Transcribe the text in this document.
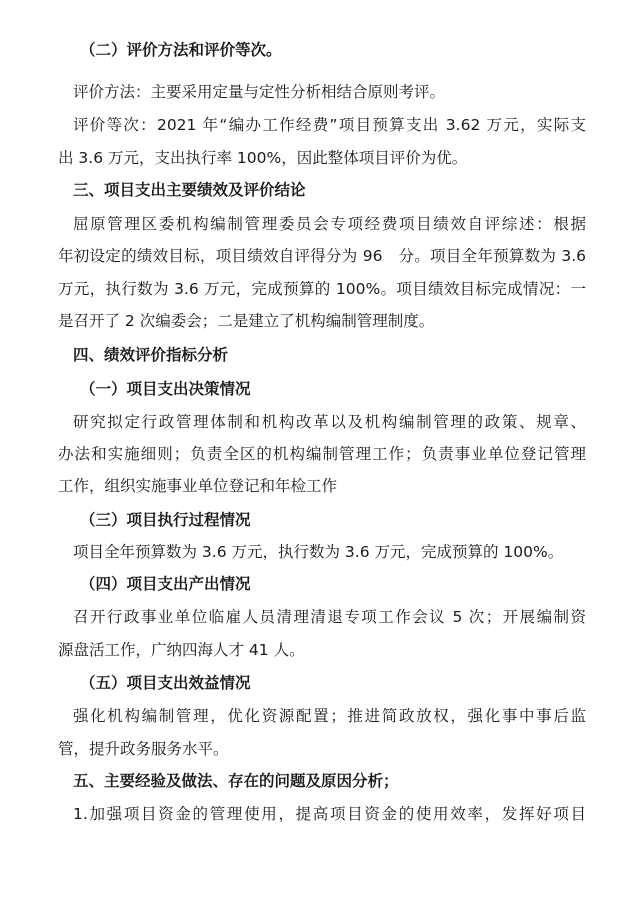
（二）评价方法和评价等次。
评价方法：主要采用定量与定性分析相结合原则考评。
评价等次：2021 年“编办工作经费”项目预算支出 3.62 万元，实际支
出 3.6 万元，支出执行率 100%，因此整体项目评价为优。
三、项目支出主要绩效及评价结论
屈原管理区委机构编制管理委员会专项经费项目绩效自评综述：根据
年初设定的绩效目标，项目绩效自评得分为 96　分。项目全年预算数为 3.6
万元，执行数为 3.6 万元，完成预算的 100%。项目绩效目标完成情况：一
是召开了 2 次编委会；二是建立了机构编制管理制度。
四、绩效评价指标分析
（一）项目支出决策情况
研究拟定行政管理体制和机构改革以及机构编制管理的政策、规章、
办法和实施细则；负责全区的机构编制管理工作；负责事业单位登记管理
工作，组织实施事业单位登记和年检工作
（三）项目执行过程情况
项目全年预算数为 3.6 万元，执行数为 3.6 万元，完成预算的 100%。
（四）项目支出产出情况
召开行政事业单位临雇人员清理清退专项工作会议 5 次；开展编制资
源盘活工作，广纳四海人才 41 人。
（五）项目支出效益情况
强化机构编制管理，优化资源配置；推进简政放权，强化事中事后监
管，提升政务服务水平。
五、主要经验及做法、存在的问题及原因分析；
1.加强项目资金的管理使用，提高项目资金的使用效率，发挥好项目
